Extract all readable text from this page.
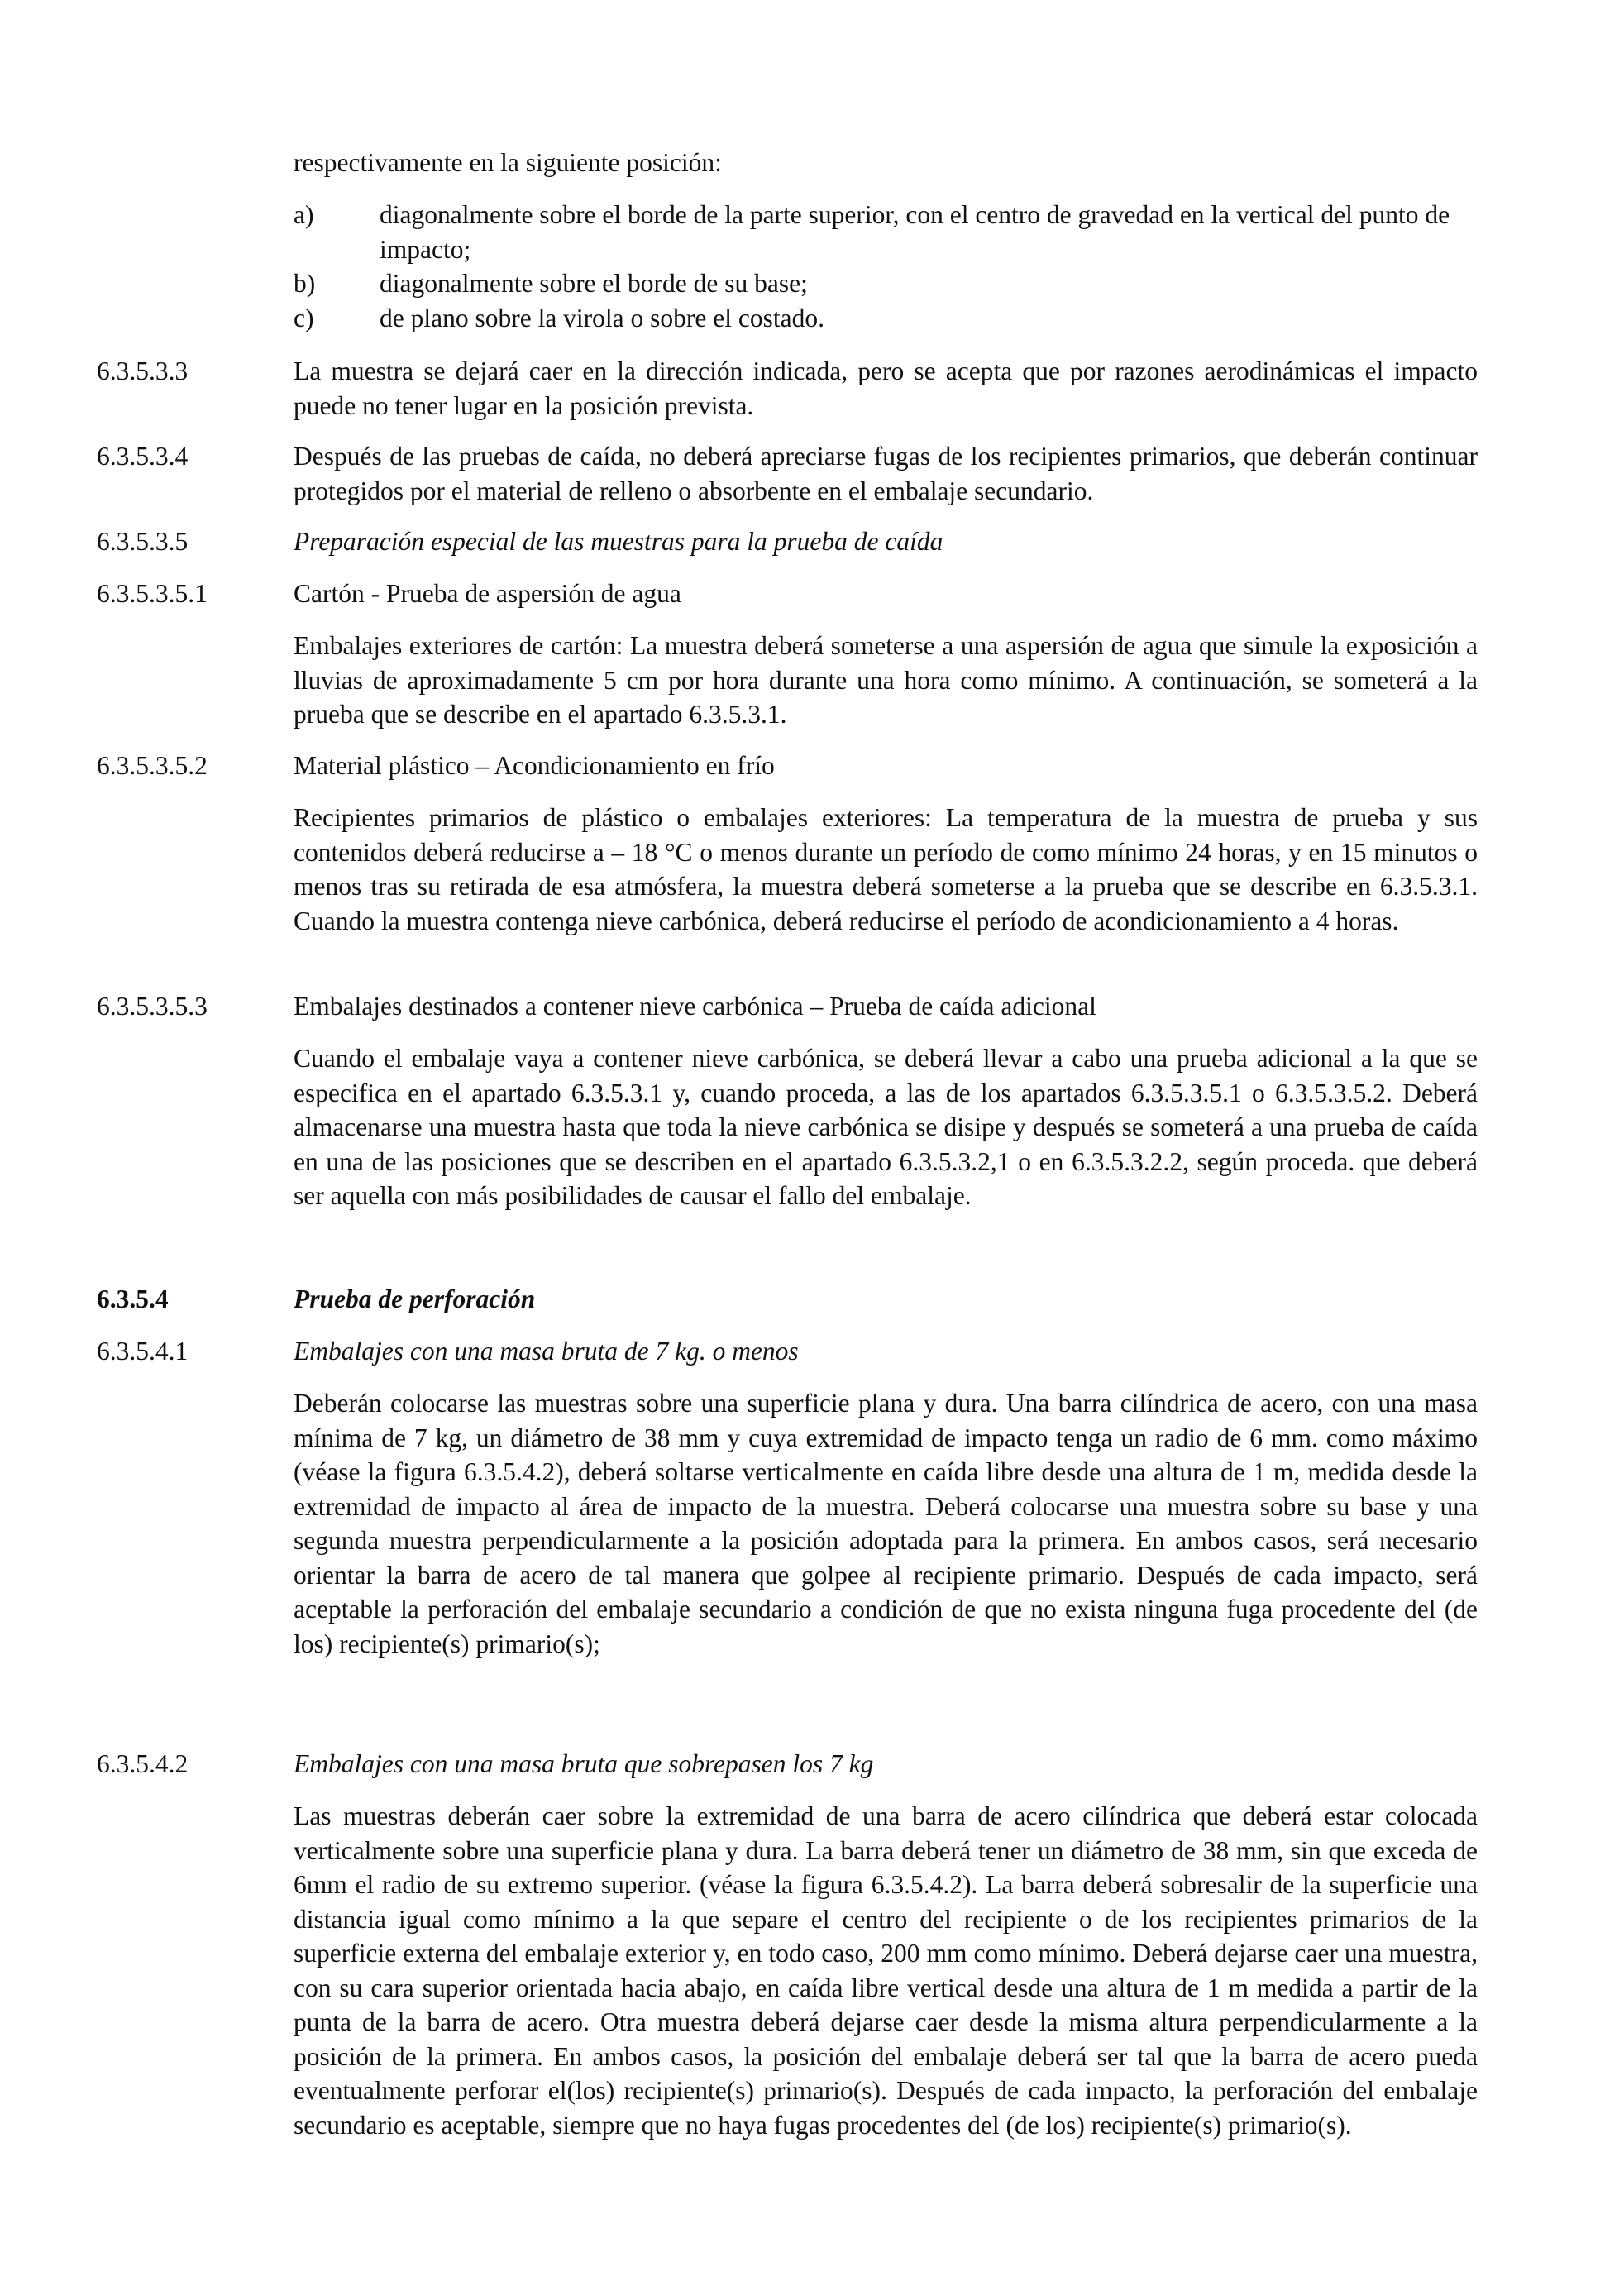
respectivamente en la siguiente posición:
a)	diagonalmente sobre el borde de la parte superior, con el centro de gravedad en la vertical del punto de impacto;
b) diagonalmente sobre el borde de su base;
c)	de plano sobre la virola o sobre el costado.
6.3.5.3.3	La muestra se dejará caer en la dirección indicada, pero se acepta que por razones aerodinámicas el impacto puede no tener lugar en la posición prevista.
6.3.5.3.4	Después de las pruebas de caída, no deberá apreciarse fugas de los recipientes primarios, que deberán continuar protegidos por el material de relleno o absorbente en el embalaje secundario.
6.3.5.3.5	Preparación especial de las muestras para la prueba de caída
6.3.5.3.5.1	Cartón - Prueba de aspersión de agua
Embalajes exteriores de cartón: La muestra deberá someterse a una aspersión de agua que simule la exposición a lluvias de aproximadamente 5 cm por hora durante una hora como mínimo. A continuación, se someterá a la prueba que se describe en el apartado 6.3.5.3.1.
6.3.5.3.5.2	Material plástico – Acondicionamiento en frío
Recipientes primarios de plástico o embalajes exteriores: La temperatura de la muestra de prueba y sus contenidos deberá reducirse a – 18 °C o menos durante un período de como mínimo 24 horas, y en 15 minutos o menos tras su retirada de esa atmósfera, la muestra deberá someterse a la prueba que se describe en 6.3.5.3.1. Cuando la muestra contenga nieve carbónica, deberá reducirse el período de acondicionamiento a 4 horas.
6.3.5.3.5.3	Embalajes destinados a contener nieve carbónica – Prueba de caída adicional
Cuando el embalaje vaya a contener nieve carbónica, se deberá llevar a cabo una prueba adicional a la que se especifica en el apartado 6.3.5.3.1 y, cuando proceda, a las de los apartados 6.3.5.3.5.1 o 6.3.5.3.5.2. Deberá almacenarse una muestra hasta que toda la nieve carbónica se disipe y después se someterá a una prueba de caída en una de las posiciones que se describen en el apartado 6.3.5.3.2,1 o en 6.3.5.3.2.2, según proceda. que deberá ser aquella con más posibilidades de causar el fallo del embalaje.
6.3.5.4	Prueba de perforación
6.3.5.4.1	Embalajes con una masa bruta de 7 kg. o menos
Deberán colocarse las muestras sobre una superficie plana y dura. Una barra cilíndrica de acero, con una masa mínima de 7 kg, un diámetro de 38 mm y cuya extremidad de impacto tenga un radio de 6 mm. como máximo (véase la figura 6.3.5.4.2), deberá soltarse verticalmente en caída libre desde una altura de 1 m, medida desde la extremidad de impacto al área de impacto de la muestra. Deberá colocarse una muestra sobre su base y una segunda muestra perpendicularmente a la posición adoptada para la primera. En ambos casos, será necesario orientar la barra de acero de tal manera que golpee al recipiente primario. Después de cada impacto, será aceptable la perforación del embalaje secundario a condición de que no exista ninguna fuga procedente del (de los) recipiente(s) primario(s);
6.3.5.4.2	Embalajes con una masa bruta que sobrepasen los 7 kg
Las muestras deberán caer sobre la extremidad de una barra de acero cilíndrica que deberá estar colocada verticalmente sobre una superficie plana y dura. La barra deberá tener un diámetro de 38 mm, sin que exceda de 6mm el radio de su extremo superior. (véase la figura 6.3.5.4.2). La barra deberá sobresalir de la superficie una distancia igual como mínimo a la que separe el centro del recipiente o de los recipientes primarios de la superficie externa del embalaje exterior y, en todo caso, 200 mm como mínimo. Deberá dejarse caer una muestra, con su cara superior orientada hacia abajo, en caída libre vertical desde una altura de 1 m medida a partir de la punta de la barra de acero. Otra muestra deberá dejarse caer desde la misma altura perpendicularmente a la posición de la primera. En ambos casos, la posición del embalaje deberá ser tal que la barra de acero pueda eventualmente perforar el(los) recipiente(s) primario(s). Después de cada impacto, la perforación del embalaje secundario es aceptable, siempre que no haya fugas procedentes del (de los) recipiente(s) primario(s).
